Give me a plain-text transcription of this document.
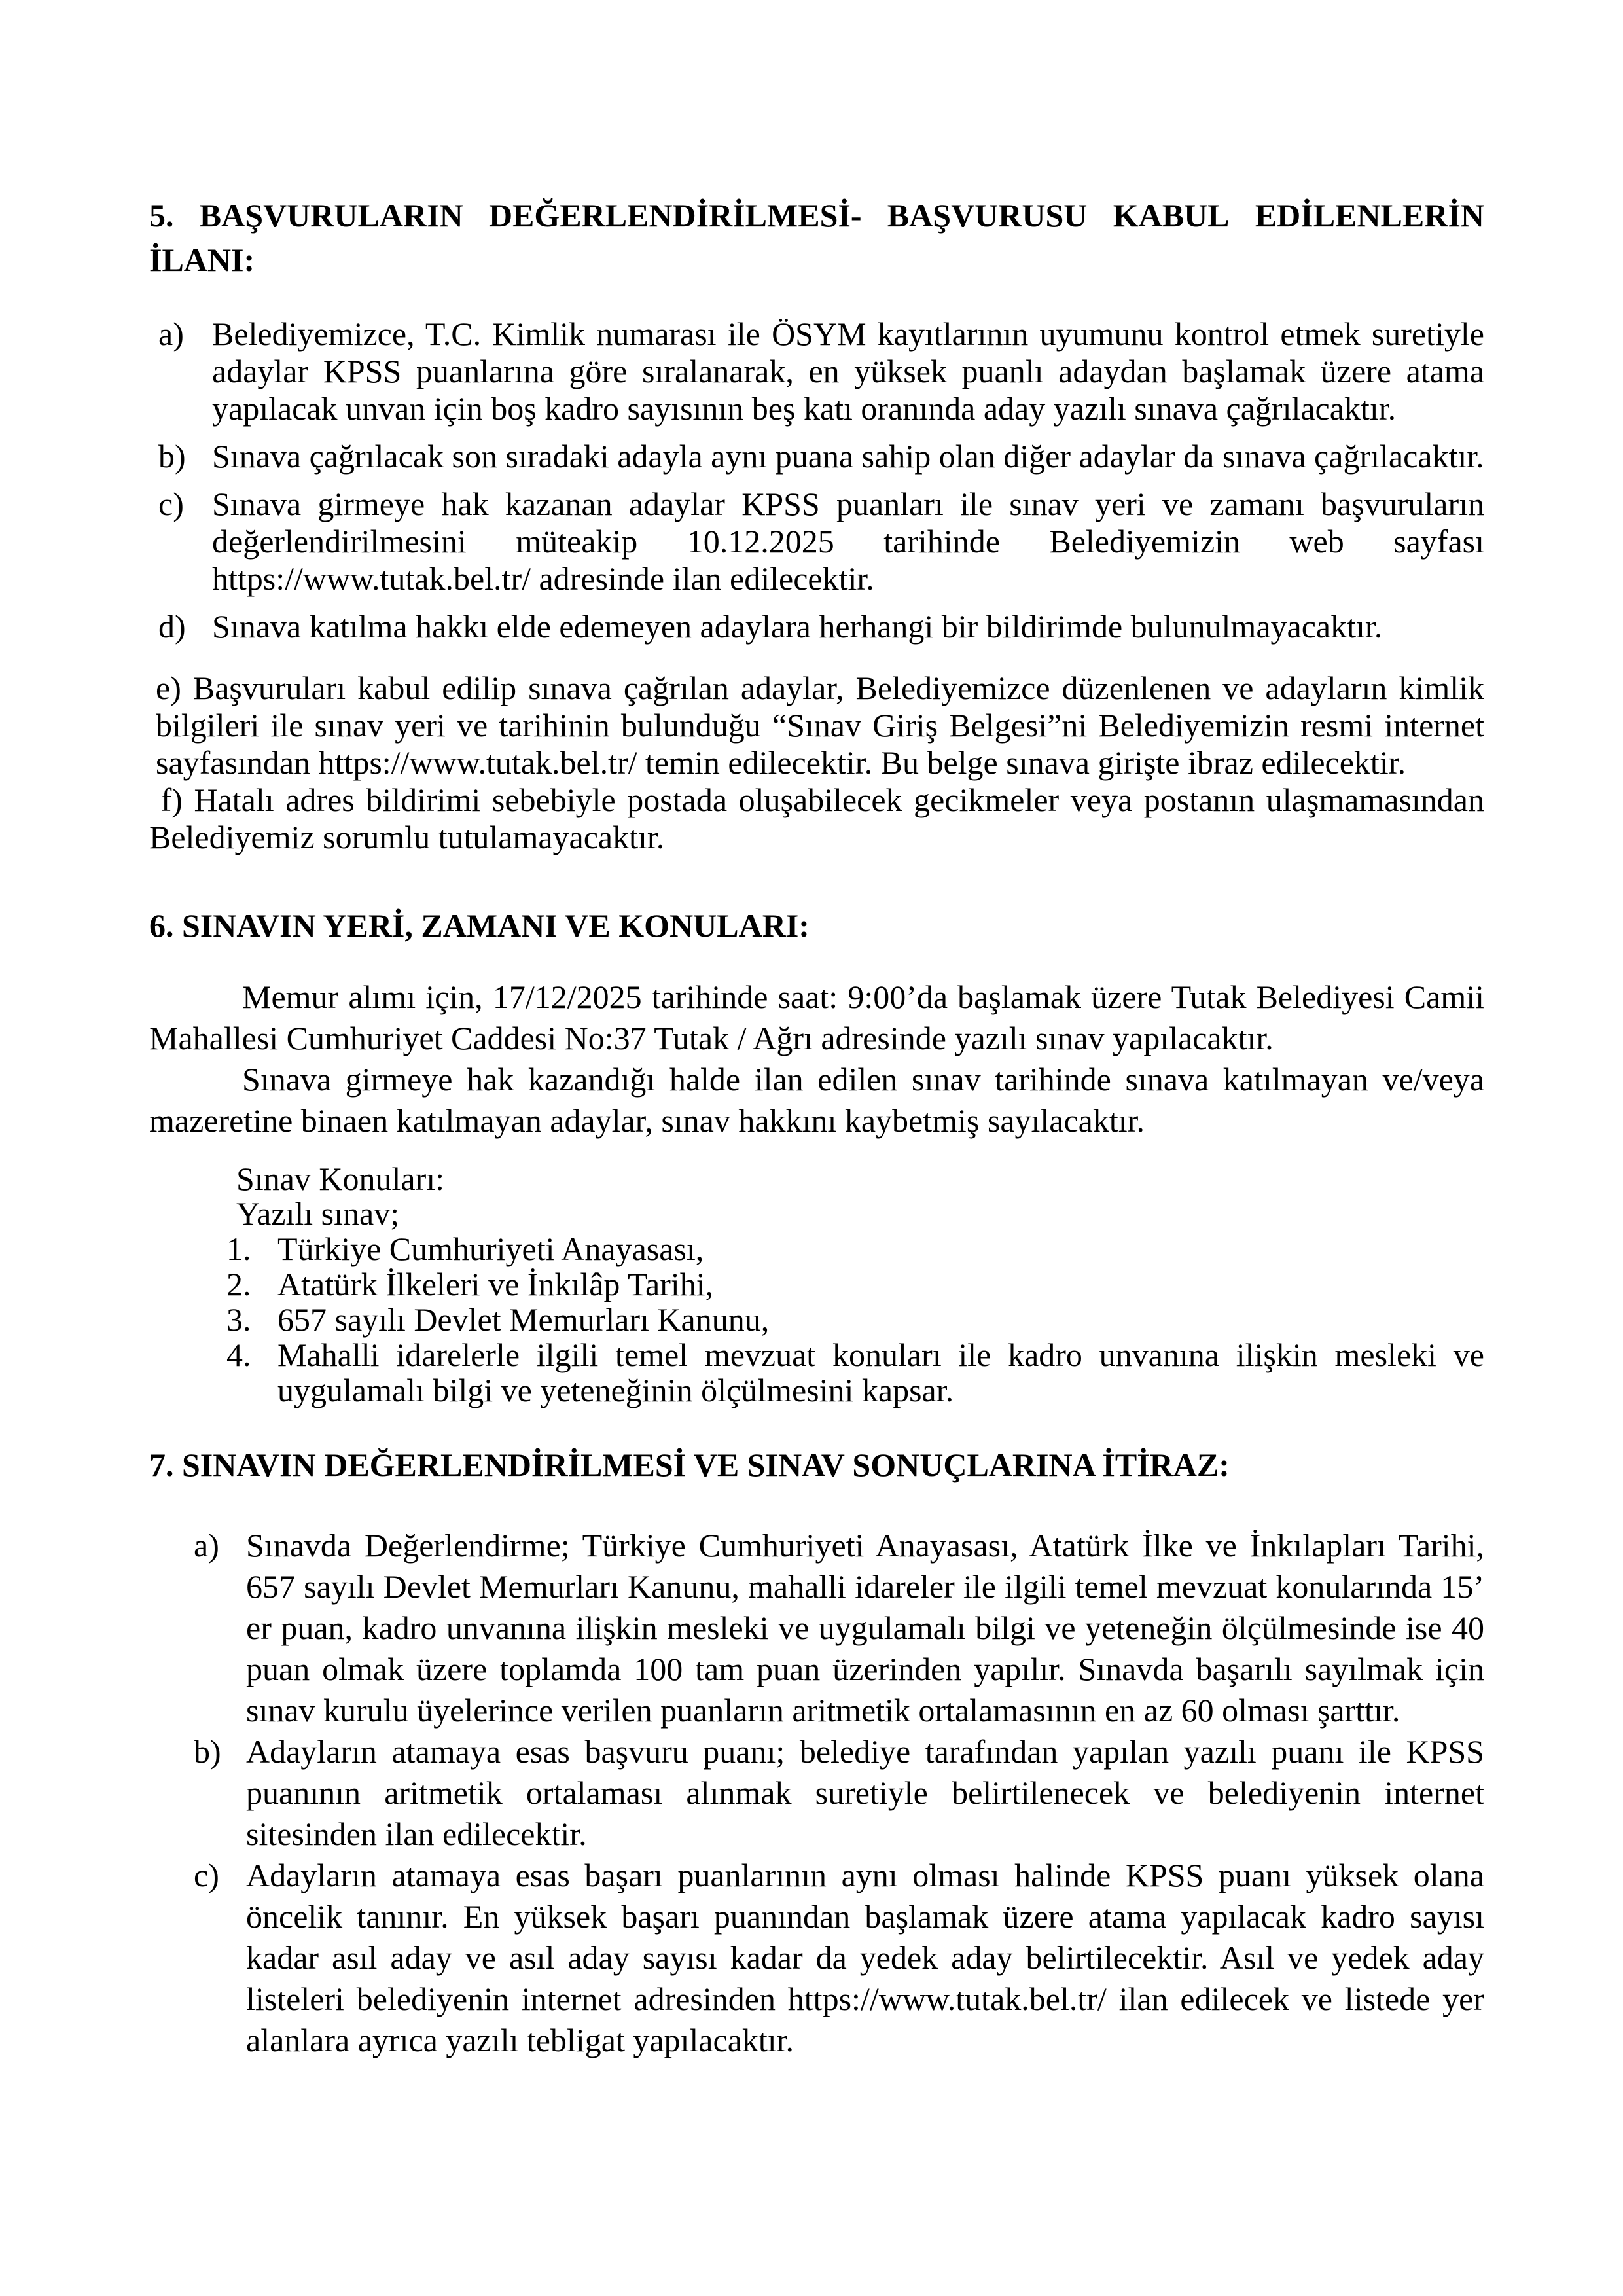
5. BAŞVURULARIN DEĞERLENDİRİLMESİ- BAŞVURUSU KABUL EDİLENLERİN
İLANI:
a) Belediyemizce, T.C. Kimlik numarası ile ÖSYM kayıtlarının uyumunu kontrol etmek suretiyle adaylar KPSS puanlarına göre sıralanarak, en yüksek puanlı adaydan başlamak üzere atama yapılacak unvan için boş kadro sayısının beş katı oranında aday yazılı sınava çağrılacaktır.
b) Sınava çağrılacak son sıradaki adayla aynı puana sahip olan diğer adaylar da sınava çağrılacaktır.
c) Sınava girmeye hak kazanan adaylar KPSS puanları ile sınav yeri ve zamanı başvuruların değerlendirilmesini müteakip 10.12.2025 tarihinde Belediyemizin web sayfası https://www.tutak.bel.tr/ adresinde ilan edilecektir.
d) Sınava katılma hakkı elde edemeyen adaylara herhangi bir bildirimde bulunulmayacaktır.

e) Başvuruları kabul edilip sınava çağrılan adaylar, Belediyemizce düzenlenen ve adayların kimlik bilgileri ile sınav yeri ve tarihinin bulunduğu “Sınav Giriş Belgesi”ni Belediyemizin resmi internet sayfasından https://www.tutak.bel.tr/ temin edilecektir. Bu belge sınava girişte ibraz edilecektir.

f) Hatalı adres bildirimi sebebiyle postada oluşabilecek gecikmeler veya postanın ulaşmamasından Belediyemiz sorumlu tutulamayacaktır.

6. SINAVIN YERİ, ZAMANI VE KONULARI:

Memur alımı için, 17/12/2025 tarihinde saat: 9:00’da başlamak üzere Tutak Belediyesi Camii Mahallesi Cumhuriyet Caddesi No:37 Tutak / Ağrı adresinde yazılı sınav yapılacaktır.

Sınava girmeye hak kazandığı halde ilan edilen sınav tarihinde sınava katılmayan ve/veya mazeretine binaen katılmayan adaylar, sınav hakkını kaybetmiş sayılacaktır.

Sınav Konuları:
Yazılı sınav;
1. Türkiye Cumhuriyeti Anayasası,
2. Atatürk İlkeleri ve İnkılâp Tarihi,
3. 657 sayılı Devlet Memurları Kanunu,
4. Mahalli idarelerle ilgili temel mevzuat konuları ile kadro unvanına ilişkin mesleki ve uygulamalı bilgi ve yeteneğinin ölçülmesini kapsar.
7. SINAVIN DEĞERLENDİRİLMESİ VE SINAV SONUÇLARINA İTİRAZ:
a) Sınavda Değerlendirme; Türkiye Cumhuriyeti Anayasası, Atatürk İlke ve İnkılapları Tarihi, 657 sayılı Devlet Memurları Kanunu, mahalli idareler ile ilgili temel mevzuat konularında 15’ er puan, kadro unvanına ilişkin mesleki ve uygulamalı bilgi ve yeteneğin ölçülmesinde ise 40 puan olmak üzere toplamda 100 tam puan üzerinden yapılır. Sınavda başarılı sayılmak için sınav kurulu üyelerince verilen puanların aritmetik ortalamasının en az 60 olması şarttır.
b) Adayların atamaya esas başvuru puanı; belediye tarafından yapılan yazılı puanı ile KPSS puanının aritmetik ortalaması alınmak suretiyle belirtilenecek ve belediyenin internet sitesinden ilan edilecektir.
c) Adayların atamaya esas başarı puanlarının aynı olması halinde KPSS puanı yüksek olana öncelik tanınır. En yüksek başarı puanından başlamak üzere atama yapılacak kadro sayısı kadar asıl aday ve asıl aday sayısı kadar da yedek aday belirtilecektir. Asıl ve yedek aday listeleri belediyenin internet adresinden https://www.tutak.bel.tr/ ilan edilecek ve listede yer alanlara ayrıca yazılı tebligat yapılacaktır.
